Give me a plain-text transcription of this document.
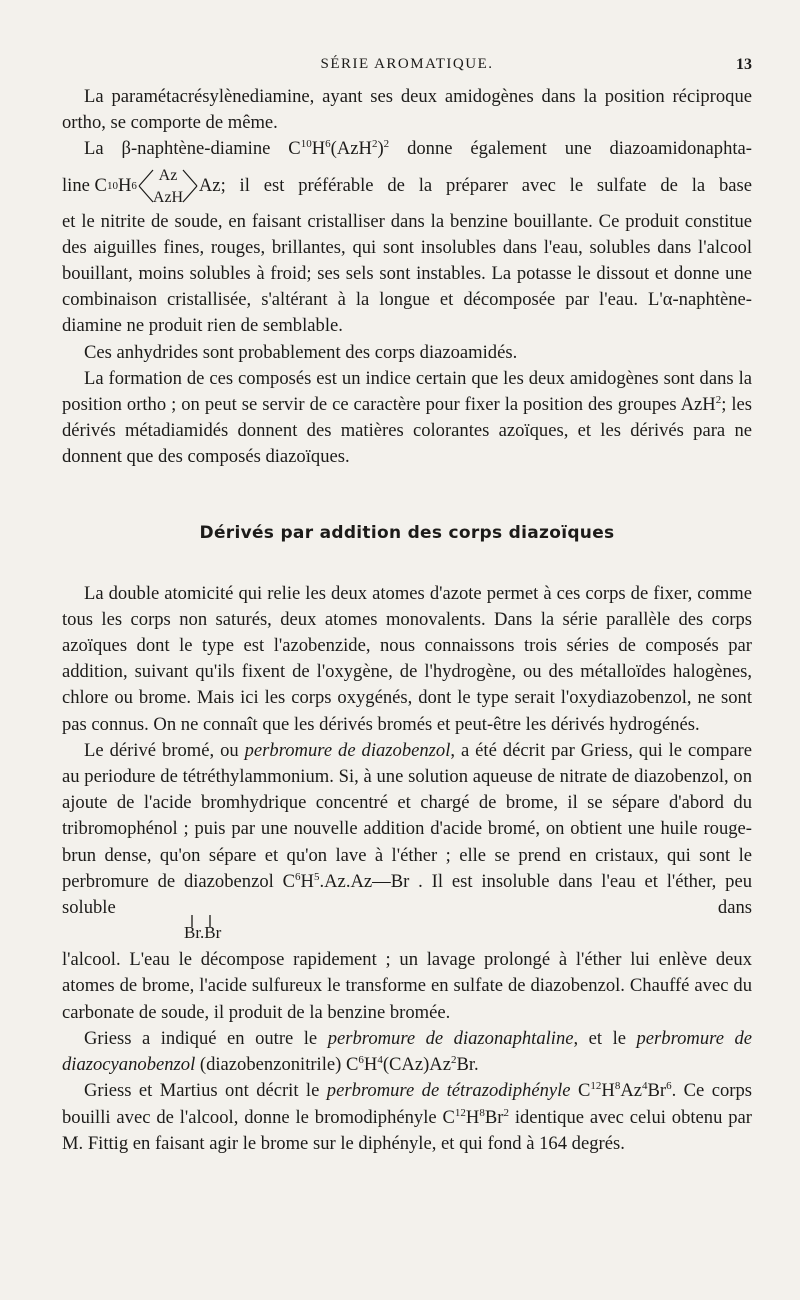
SÉRIE AROMATIQUE.	13

La paramétacrésylènediamine, ayant ses deux amidogènes dans la position réciproque ortho, se comporte de même.

La β-naphtène-diamine $C^{10}H^6(AzH^2)^2$ donne également une diazoamidonaphta-

line C 10 H 6
Az
AzH
Az ; il est préférable de la préparer avec le sulfate de la base

et le nitrite de soude, en faisant cristalliser dans la benzine bouillante. Ce produit constitue des aiguilles fines, rouges, brillantes, qui sont insolubles dans l'eau, solubles dans l'alcool bouillant, moins solubles à froid; ses sels sont instables. La potasse le dissout et donne une combinaison cristallisée, s'altérant à la longue et décomposée par l'eau. L'α-naphtène-diamine ne produit rien de semblable.

Ces anhydrides sont probablement des corps diazoamidés.

La formation de ces composés est un indice certain que les deux amidogènes sont dans la position ortho ; on peut se servir de ce caractère pour fixer la position des groupes AzH$^2$; les dérivés métadiamidés donnent des matières colorantes azoïques, et les dérivés para ne donnent que des composés diazoïques.

Dérivés par addition des corps diazoïques

La double atomicité qui relie les deux atomes d'azote permet à ces corps de fixer, comme tous les corps non saturés, deux atomes monovalents. Dans la série parallèle des corps azoïques dont le type est l'azobenzide, nous connaissons trois séries de composés par addition, suivant qu'ils fixent de l'oxygène, de l'hydrogène, ou des métalloïdes halogènes, chlore ou brome. Mais ici les corps oxygénés, dont le type serait l'oxydiazobenzol, ne sont pas connus. On ne connaît que les dérivés bromés et peut-être les dérivés hydrogénés.

Le dérivé bromé, ou perbromure de diazobenzol, a été décrit par Griess, qui le compare au periodure de tétréthylammonium. Si, à une solution aqueuse de nitrate de diazobenzol, on ajoute de l'acide bromhydrique concentré et chargé de brome, il se sépare d'abord du tribromophénol ; puis par une nouvelle addition d'acide bromé, on obtient une huile rouge-brun dense, qu'on sépare et qu'on lave à l'éther ; elle se prend en cristaux, qui sont le perbromure de diazobenzol $C^6H^5.Az.Az—Br$ . Il est insoluble dans l'eau et l'éther, peu soluble dans

Br.Br

l'alcool. L'eau le décompose rapidement ; un lavage prolongé à l'éther lui enlève deux atomes de brome, l'acide sulfureux le transforme en sulfate de diazobenzol. Chauffé avec du carbonate de soude, il produit de la benzine bromée.

Griess a indiqué en outre le perbromure de diazonaphtaline, et le perbromure de diazocyanobenzol (diazobenzonitrile) $C^6H^4(CAz)Az^2Br$.

Griess et Martius ont décrit le perbromure de tétrazodiphényle $C^{12}H^8Az^4Br^6$. Ce corps bouilli avec de l'alcool, donne le bromodiphényle $C^{12}H^8Br^2$ identique avec celui obtenu par M. Fittig en faisant agir le brome sur le diphényle, et qui fond à 164 degrés.
